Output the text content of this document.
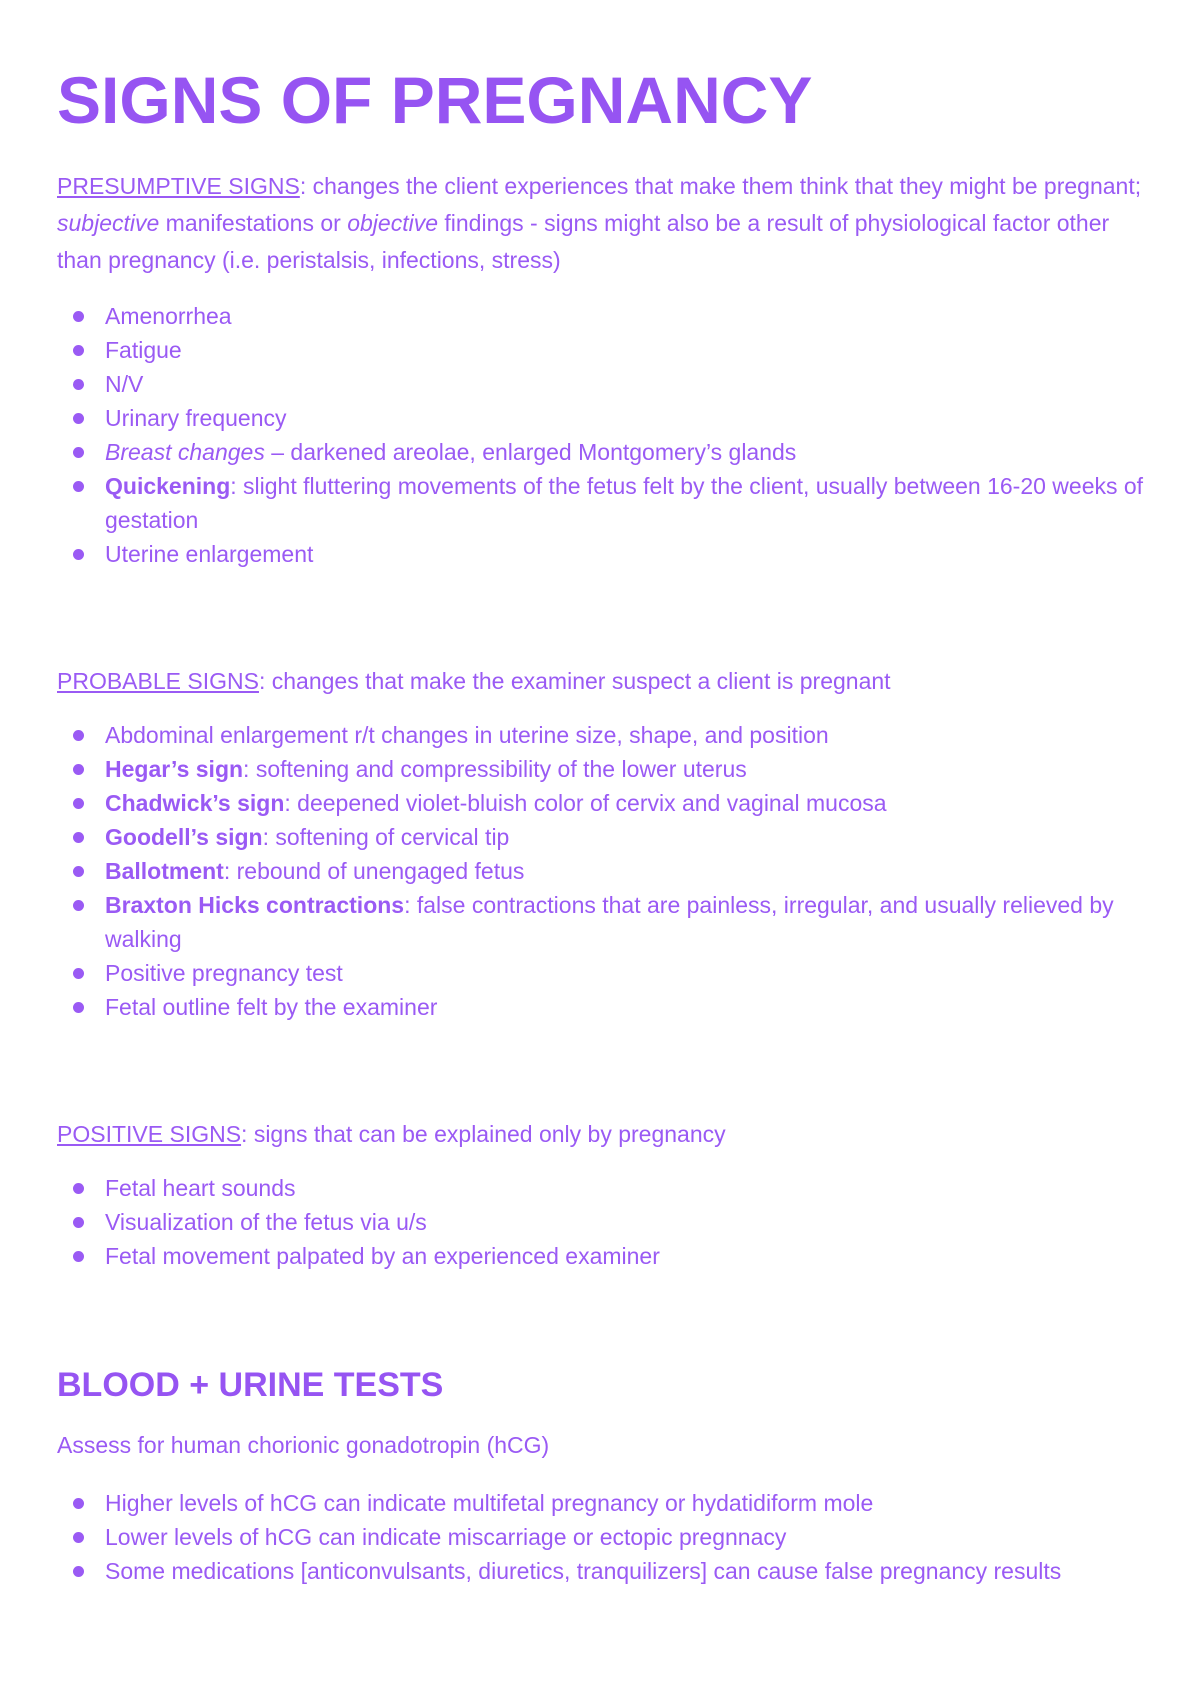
SIGNS OF PREGNANCY

PRESUMPTIVE SIGNS: changes the client experiences that make them think that they might be pregnant; subjective manifestations or objective findings - signs might also be a result of physiological factor other than pregnancy (i.e. peristalsis, infections, stress)

Amenorrhea
Fatigue
N/V
Urinary frequency
Breast changes – darkened areolae, enlarged Montgomery’s glands
Quickening: slight fluttering movements of the fetus felt by the client, usually between 16-20 weeks of gestation
Uterine enlargement

PROBABLE SIGNS: changes that make the examiner suspect a client is pregnant

Abdominal enlargement r/t changes in uterine size, shape, and position
Hegar’s sign: softening and compressibility of the lower uterus
Chadwick’s sign: deepened violet-bluish color of cervix and vaginal mucosa
Goodell’s sign: softening of cervical tip
Ballotment: rebound of unengaged fetus
Braxton Hicks contractions: false contractions that are painless, irregular, and usually relieved by walking
Positive pregnancy test
Fetal outline felt by the examiner

POSITIVE SIGNS: signs that can be explained only by pregnancy

Fetal heart sounds
Visualization of the fetus via u/s
Fetal movement palpated by an experienced examiner
BLOOD + URINE TESTS

Assess for human chorionic gonadotropin (hCG)

Higher levels of hCG can indicate multifetal pregnancy or hydatidiform mole
Lower levels of hCG can indicate miscarriage or ectopic pregnnacy
Some medications [anticonvulsants, diuretics, tranquilizers] can cause false pregnancy results
